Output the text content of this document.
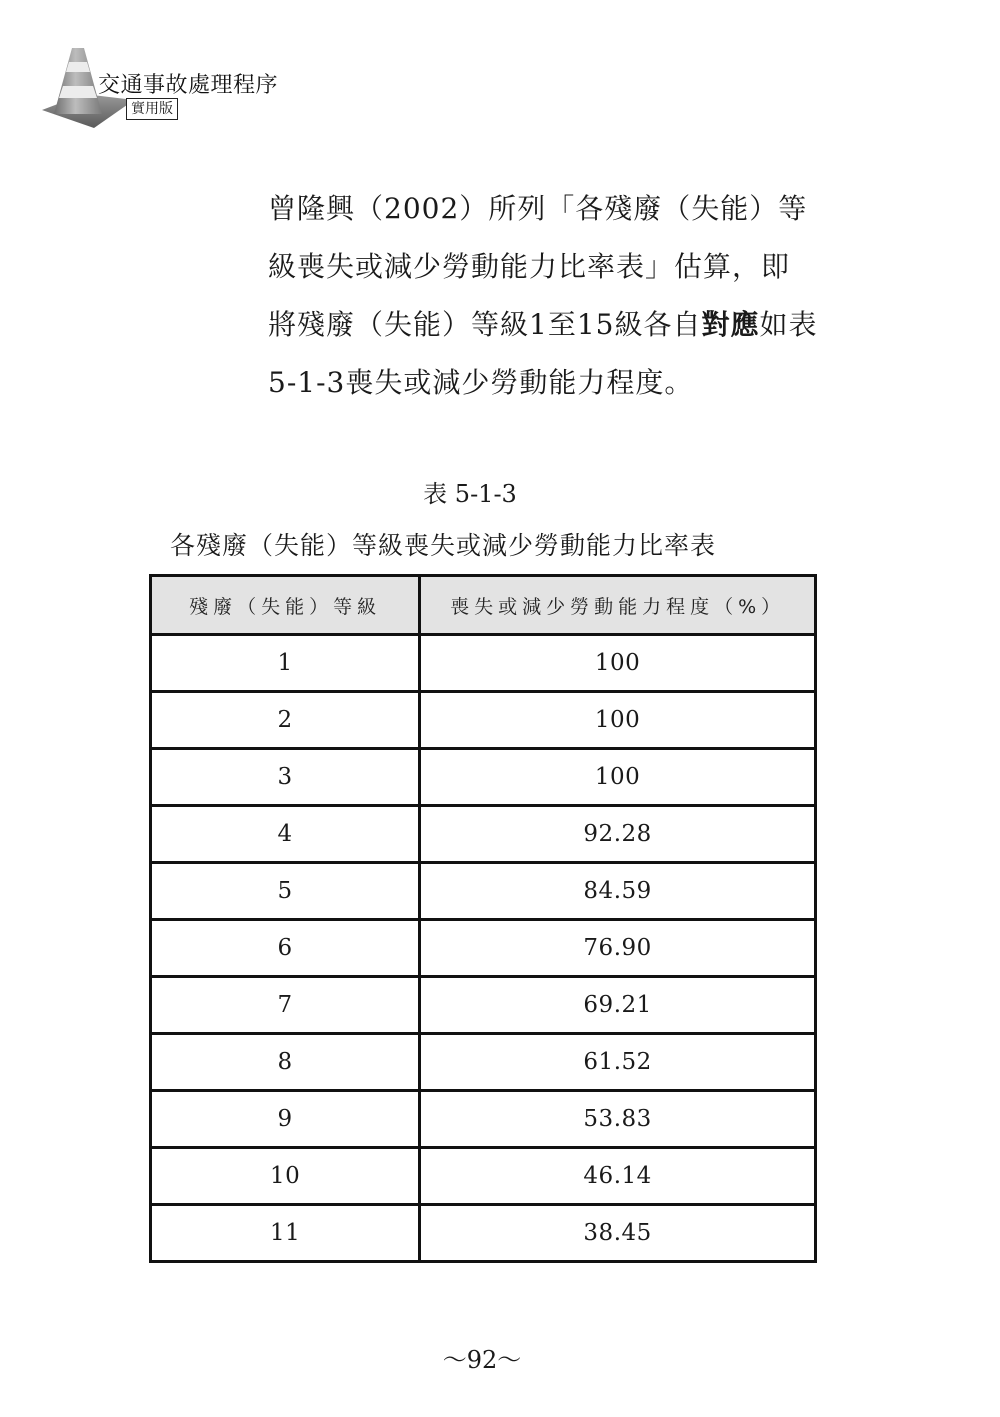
交通事故處理程序
實用版

曾隆興（2002）所列「各殘廢（失能）等
級喪失或減少勞動能力比率表」估算，即
將殘廢（失能）等級1至15級各自對應如表
5-1-3喪失或減少勞動能力程度。

表 5-1-3
各殘廢（失能）等級喪失或減少勞動能力比率表
殘廢（失能）等級	喪失或減少勞動能力程度（%）
1	100
2	100
3	100
4	92.28
5	84.59
6	76.90
7	69.21
8	61.52
9	53.83
10	46.14
11	38.45
～92～
